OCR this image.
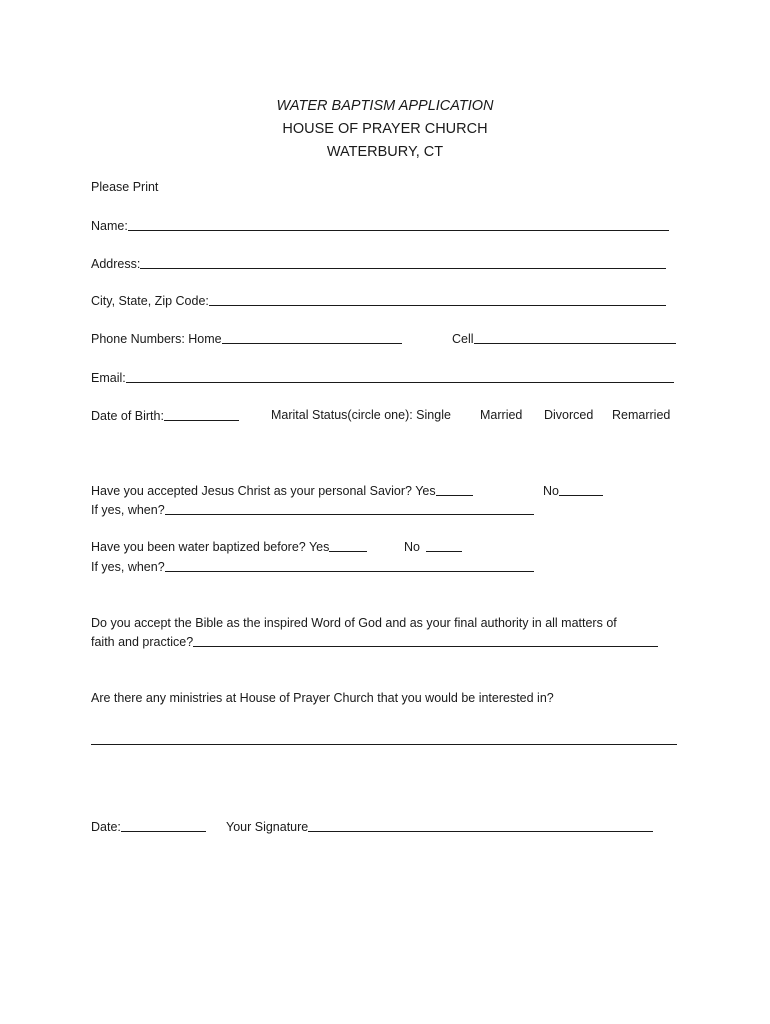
WATER BAPTISM APPLICATION
HOUSE OF PRAYER CHURCH
WATERBURY, CT
Please Print
Name:
Address:
City, State, Zip Code:
Phone Numbers: Home	Cell
Email:
Date of Birth:	Marital Status(circle one): Single Married Divorced Remarried
Have you accepted Jesus Christ as your personal Savior? Yes	No
If yes, when?
Have you been water baptized before? Yes	No
If yes, when?
Do you accept the Bible as the inspired Word of God and as your final authority in all matters of
faith and practice?
Are there any ministries at House of Prayer Church that you would be interested in?
Date:	Your Signature
